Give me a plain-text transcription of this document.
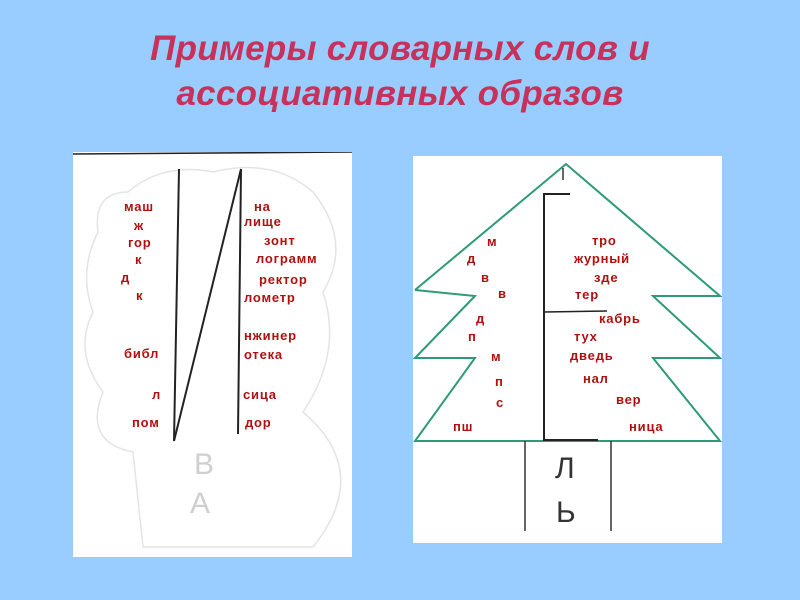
Примеры словарных слов и
ассоциативных образов
маш
ж
гор
к
д
к
библ
л
пом
на
лище
зонт
лограмм
ректор
лометр
нжинер
отека
сица
дор
В
А
м
д
в
в
д
п
м
п
с
пш
тро
журный
зде
тер
кабрь
тух
дведь
нал
вер
ница
Л
Ь
